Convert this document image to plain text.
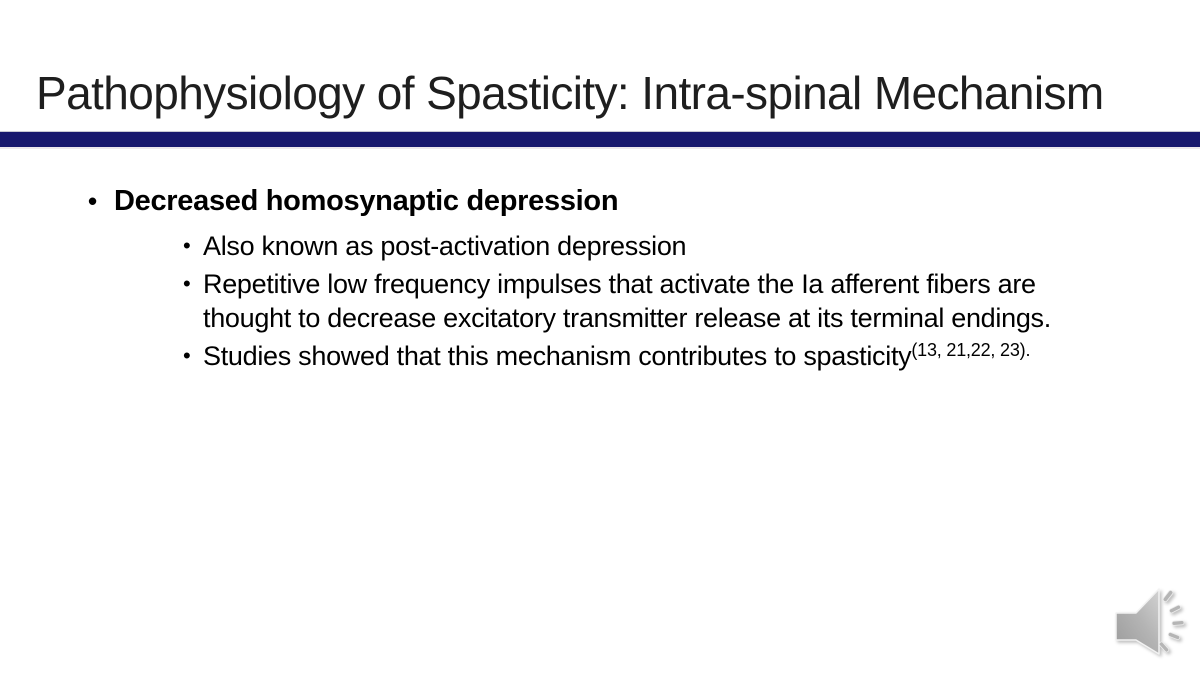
Pathophysiology of Spasticity: Intra-spinal Mechanism
• Decreased homosynaptic depression
• Also known as post-activation depression
• Repetitive low frequency impulses that activate the Ia afferent fibers are
thought to decrease excitatory transmitter release at its terminal endings.
• Studies showed that this mechanism contributes to spasticity$^{(13, 21,22, 23).}$
